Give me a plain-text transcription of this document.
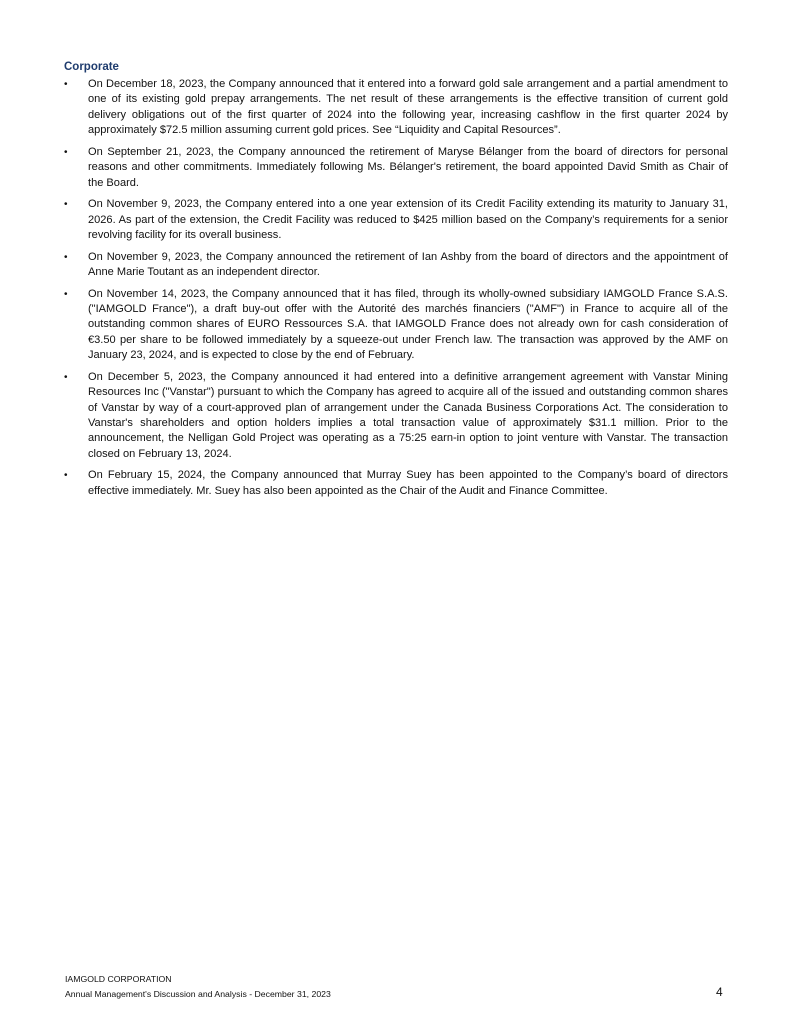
Corporate
•	On December 18, 2023, the Company announced that it entered into a forward gold sale arrangement and a partial amendment to one of its existing gold prepay arrangements. The net result of these arrangements is the effective transition of current gold delivery obligations out of the first quarter of 2024 into the following year, increasing cashflow in the first quarter 2024 by approximately $72.5 million assuming current gold prices. See “Liquidity and Capital Resources”.
•	On September 21, 2023, the Company announced the retirement of Maryse Bélanger from the board of directors for personal reasons and other commitments. Immediately following Ms. Bélanger's retirement, the board appointed David Smith as Chair of the Board.
•	On November 9, 2023, the Company entered into a one year extension of its Credit Facility extending its maturity to January 31, 2026. As part of the extension, the Credit Facility was reduced to $425 million based on the Company’s requirements for a senior revolving facility for its overall business.
•	On November 9, 2023, the Company announced the retirement of Ian Ashby from the board of directors and the appointment of Anne Marie Toutant as an independent director.
•	On November 14, 2023, the Company announced that it has filed, through its wholly-owned subsidiary IAMGOLD France S.A.S. ("IAMGOLD France"), a draft buy-out offer with the Autorité des marchés financiers ("AMF") in France to acquire all of the outstanding common shares of EURO Ressources S.A. that IAMGOLD France does not already own for cash consideration of €3.50 per share to be followed immediately by a squeeze-out under French law. The transaction was approved by the AMF on January 23, 2024, and is expected to close by the end of February.
•	On December 5, 2023, the Company announced it had entered into a definitive arrangement agreement with Vanstar Mining Resources Inc ("Vanstar") pursuant to which the Company has agreed to acquire all of the issued and outstanding common shares of Vanstar by way of a court-approved plan of arrangement under the Canada Business Corporations Act. The consideration to Vanstar's shareholders and option holders implies a total transaction value of approximately $31.1 million. Prior to the announcement, the Nelligan Gold Project was operating as a 75:25 earn-in option to joint venture with Vanstar. The transaction closed on February 13, 2024.
•	On February 15, 2024, the Company announced that Murray Suey has been appointed to the Company’s board of directors effective immediately. Mr. Suey has also been appointed as the Chair of the Audit and Finance Committee.
IAMGOLD CORPORATION
Annual Management's Discussion and Analysis - December 31, 2023	4
